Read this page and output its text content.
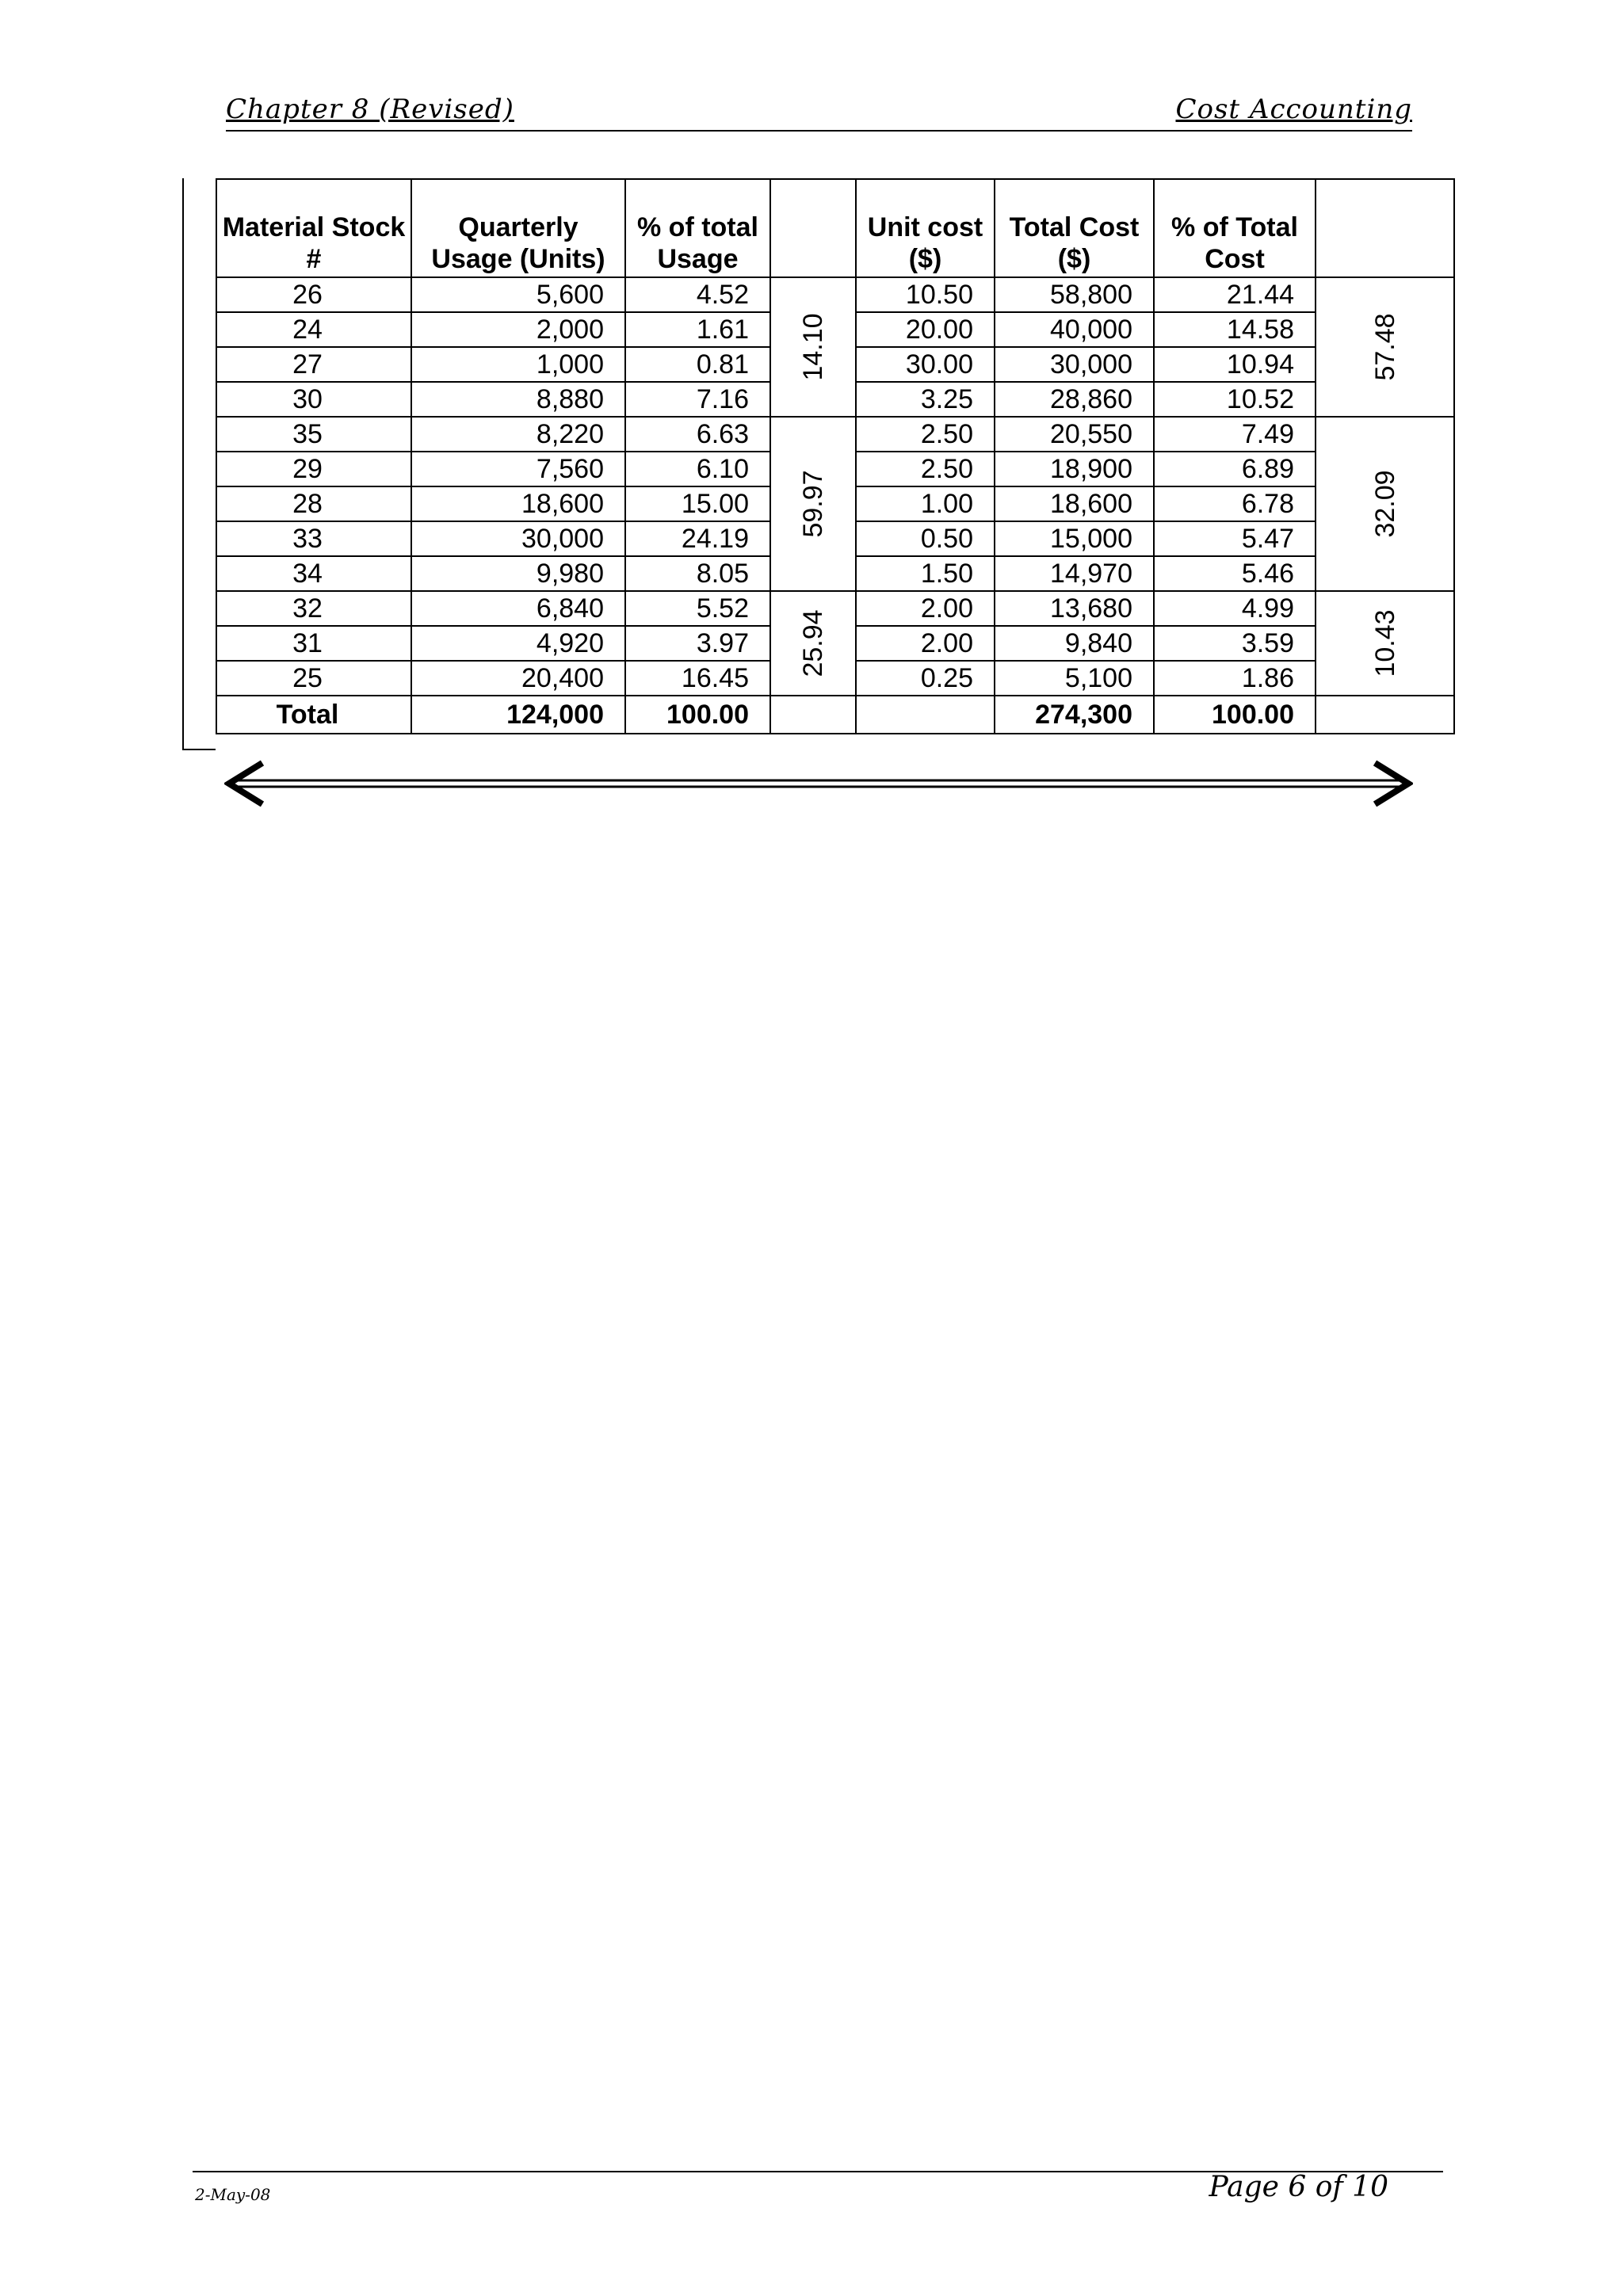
Chapter 8 (Revised)	Cost Accounting
Material Stock #	Quarterly Usage (Units)	% of total Usage		Unit cost ($)	Total Cost ($)	% of Total Cost	
26	5,600	4.52	14.10	10.50	58,800	21.44	57.48

24	2,000	1.61		20.00	40,000	14.58	
27	1,000	0.81		30.00	30,000	10.94	
30	8,880	7.16		3.25	28,860	10.52	
35	8,220	6.63	59.97	2.50	20,550	7.49	32.09

29	7,560	6.10		2.50	18,900	6.89	
28	18,600	15.00		1.00	18,600	6.78	
33	30,000	24.19		0.50	15,000	5.47	
34	9,980	8.05		1.50	14,970	5.46	
32	6,840	5.52	25.94	2.00	13,680	4.99	10.43

31	4,920	3.97		2.00	9,840	3.59	
25	20,400	16.45		0.25	5,100	1.86	
Total	124,000	100.00			274,300	100.00	
2-May-08	Page 6 of 10
